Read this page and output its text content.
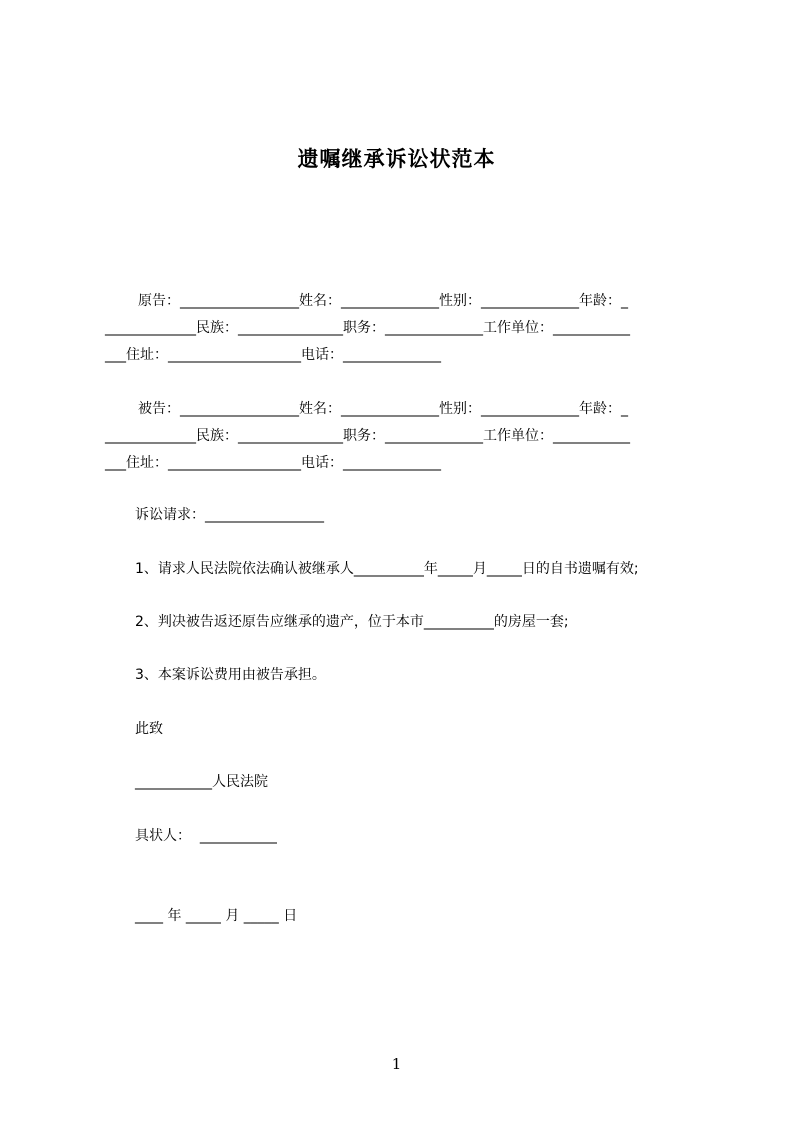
遗嘱继承诉讼状范本
原告：_________________姓名：______________性别：______________年龄：_
_____________民族：_______________职务：______________工作单位：___________
___住址：___________________电话：______________
被告：_________________姓名：______________性别：______________年龄：_
_____________民族：_______________职务：______________工作单位：___________
___住址：___________________电话：______________
诉讼请求：_________________
1、请求人民法院依法确认被继承人__________年_____月_____日的自书遗嘱有效;
2、判决被告返还原告应继承的遗产，位于本市__________的房屋一套;
3、本案诉讼费用由被告承担。
此致
___________人民法院
具状人：  ___________
____ 年 _____ 月 _____ 日
1
